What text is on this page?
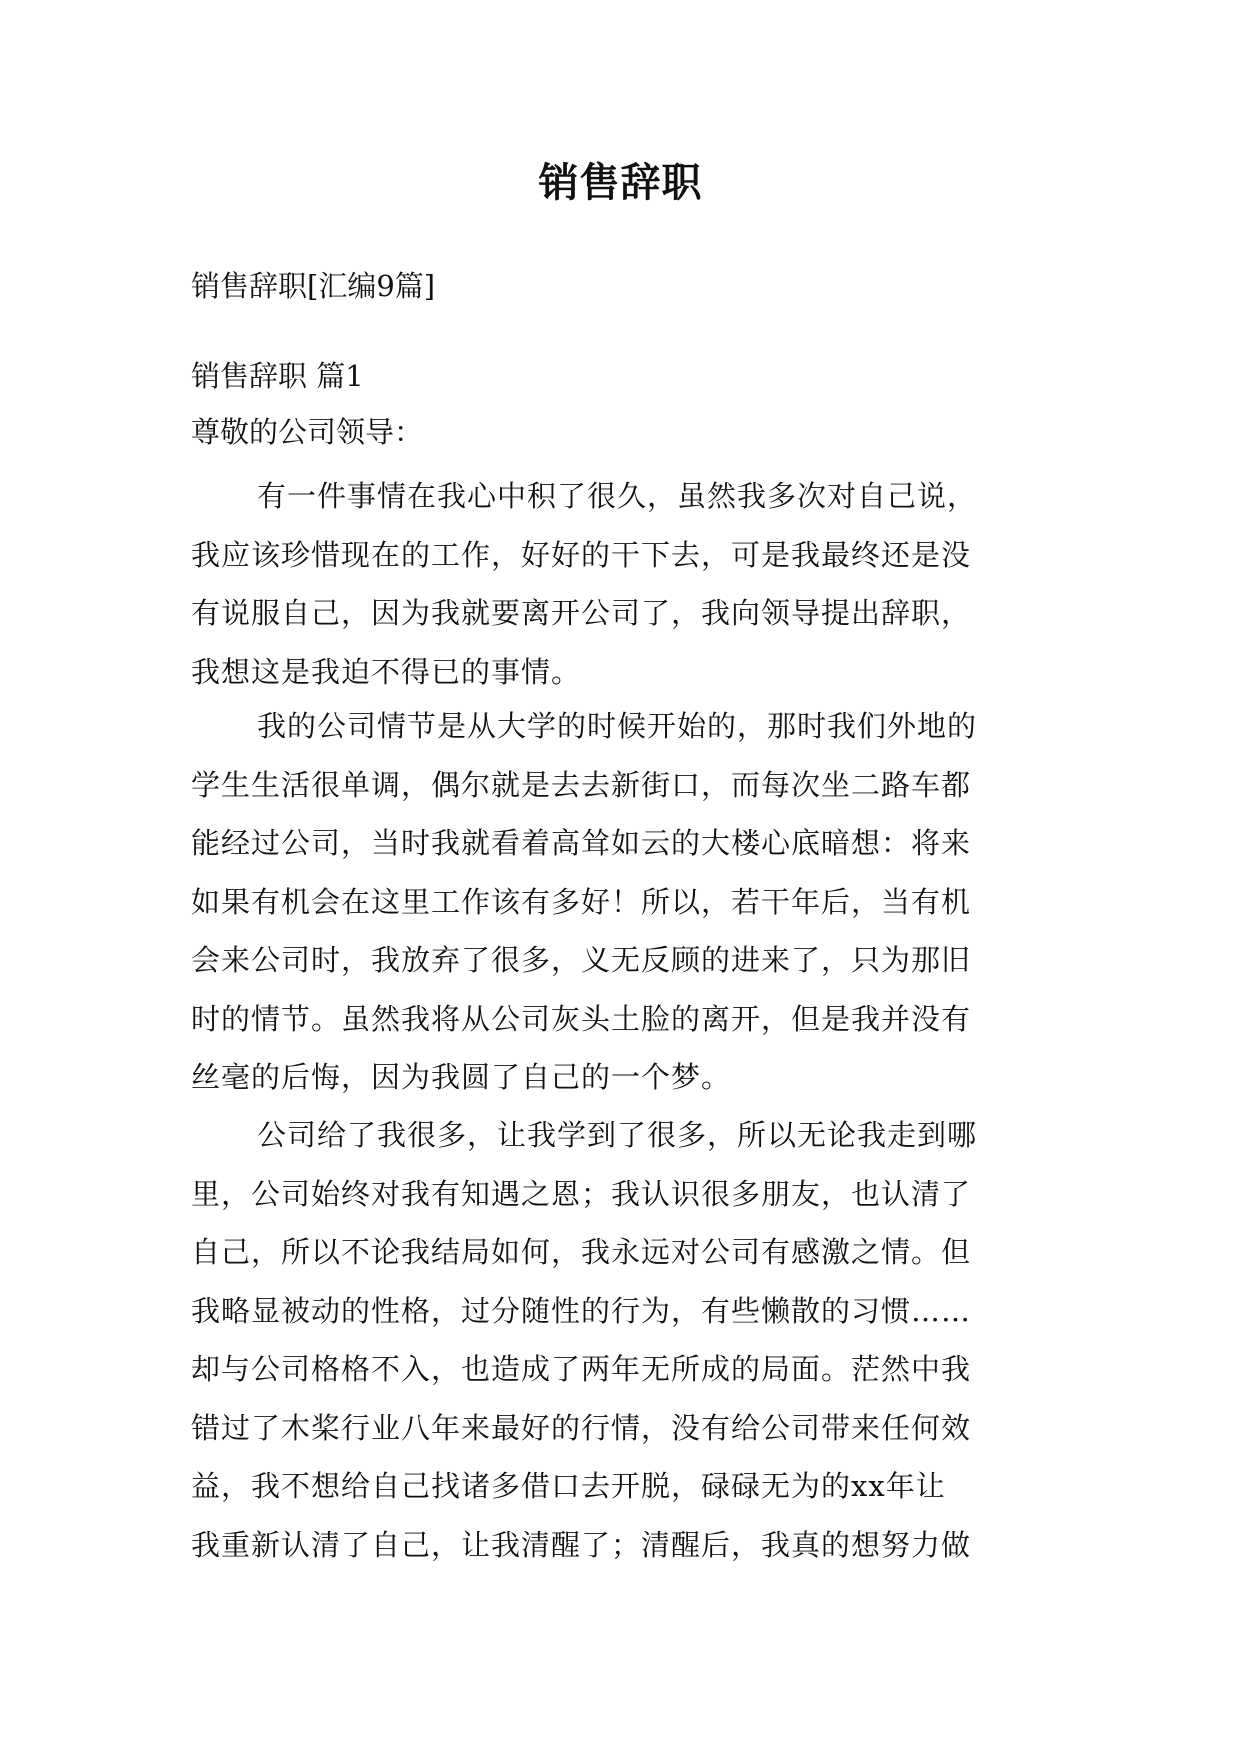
销售辞职

销售辞职[汇编9篇]

销售辞职 篇1

尊敬的公司领导：

有一件事情在我心中积了很久，虽然我多次对自己说，
我应该珍惜现在的工作，好好的干下去，可是我最终还是没
有说服自己，因为我就要离开公司了，我向领导提出辞职，
我想这是我迫不得已的事情。
我的公司情节是从大学的时候开始的，那时我们外地的
学生生活很单调，偶尔就是去去新街口，而每次坐二路车都
能经过公司，当时我就看着高耸如云的大楼心底暗想：将来
如果有机会在这里工作该有多好！所以，若干年后，当有机
会来公司时，我放弃了很多，义无反顾的进来了，只为那旧
时的情节。虽然我将从公司灰头土脸的离开，但是我并没有
丝毫的后悔，因为我圆了自己的一个梦。
公司给了我很多，让我学到了很多，所以无论我走到哪
里，公司始终对我有知遇之恩；我认识很多朋友，也认清了
自己，所以不论我结局如何，我永远对公司有感激之情。但
我略显被动的性格，过分随性的行为，有些懒散的习惯……
却与公司格格不入，也造成了两年无所成的局面。茫然中我
错过了木桨行业八年来最好的行情，没有给公司带来任何效
益，我不想给自己找诸多借口去开脱，碌碌无为的xx年让
我重新认清了自己，让我清醒了；清醒后，我真的想努力做
